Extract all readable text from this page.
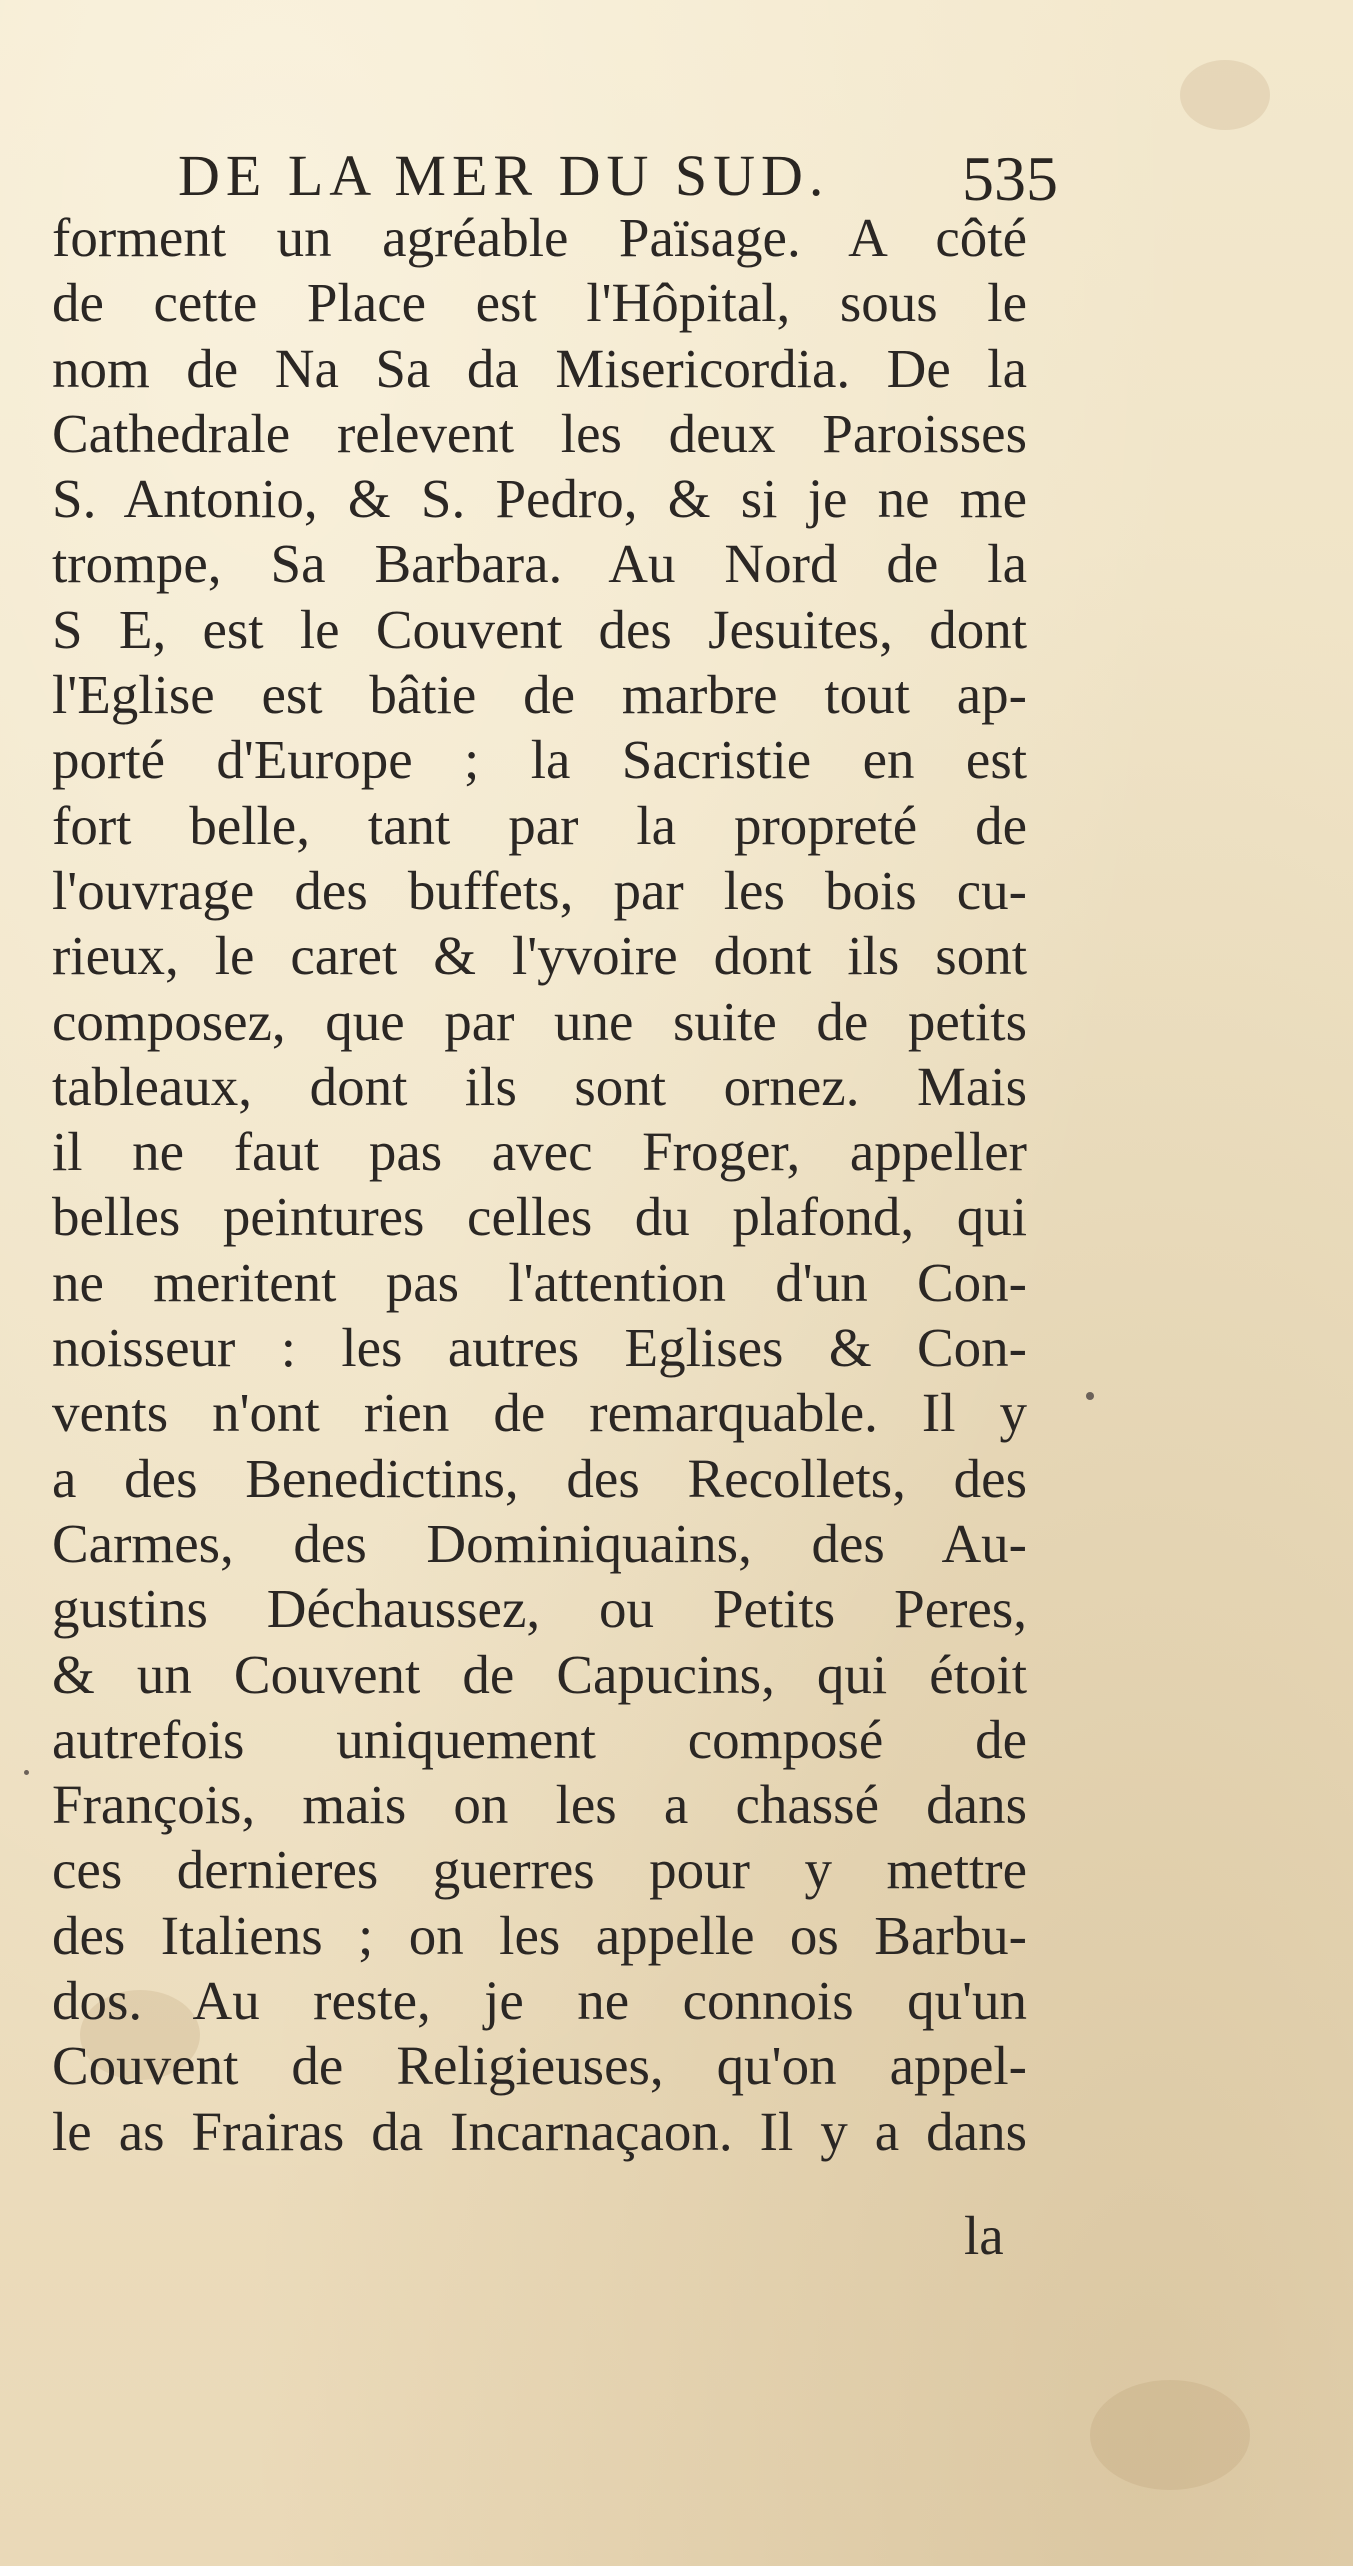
DE LA MER DU SUD. 535
forment un agréable Païsage. A côté
de cette Place est l'Hôpital, sous le
nom de Na Sa da Misericordia. De la
Cathedrale relevent les deux Paroisses
S. Antonio, & S. Pedro, & si je ne me
trompe, Sa Barbara. Au Nord de la
S E, est le Couvent des Jesuites, dont
l'Eglise est bâtie de marbre tout ap-
porté d'Europe ; la Sacristie en est
fort belle, tant par la propreté de
l'ouvrage des buffets, par les bois cu-
rieux, le caret & l'yvoire dont ils sont
composez, que par une suite de petits
tableaux, dont ils sont ornez. Mais
il ne faut pas avec Froger, appeller
belles peintures celles du plafond, qui
ne meritent pas l'attention d'un Con-
noisseur : les autres Eglises & Con-
vents n'ont rien de remarquable. Il y
a des Benedictins, des Recollets, des
Carmes, des Dominiquains, des Au-
gustins Déchaussez, ou Petits Peres,
& un Couvent de Capucins, qui étoit
autrefois uniquement composé de
François, mais on les a chassé dans
ces dernieres guerres pour y mettre
des Italiens ; on les appelle os Barbu-
dos. Au reste, je ne connois qu'un
Couvent de Religieuses, qu'on appel-
le as Frairas da Incarnaçaon. Il y a dans
la
